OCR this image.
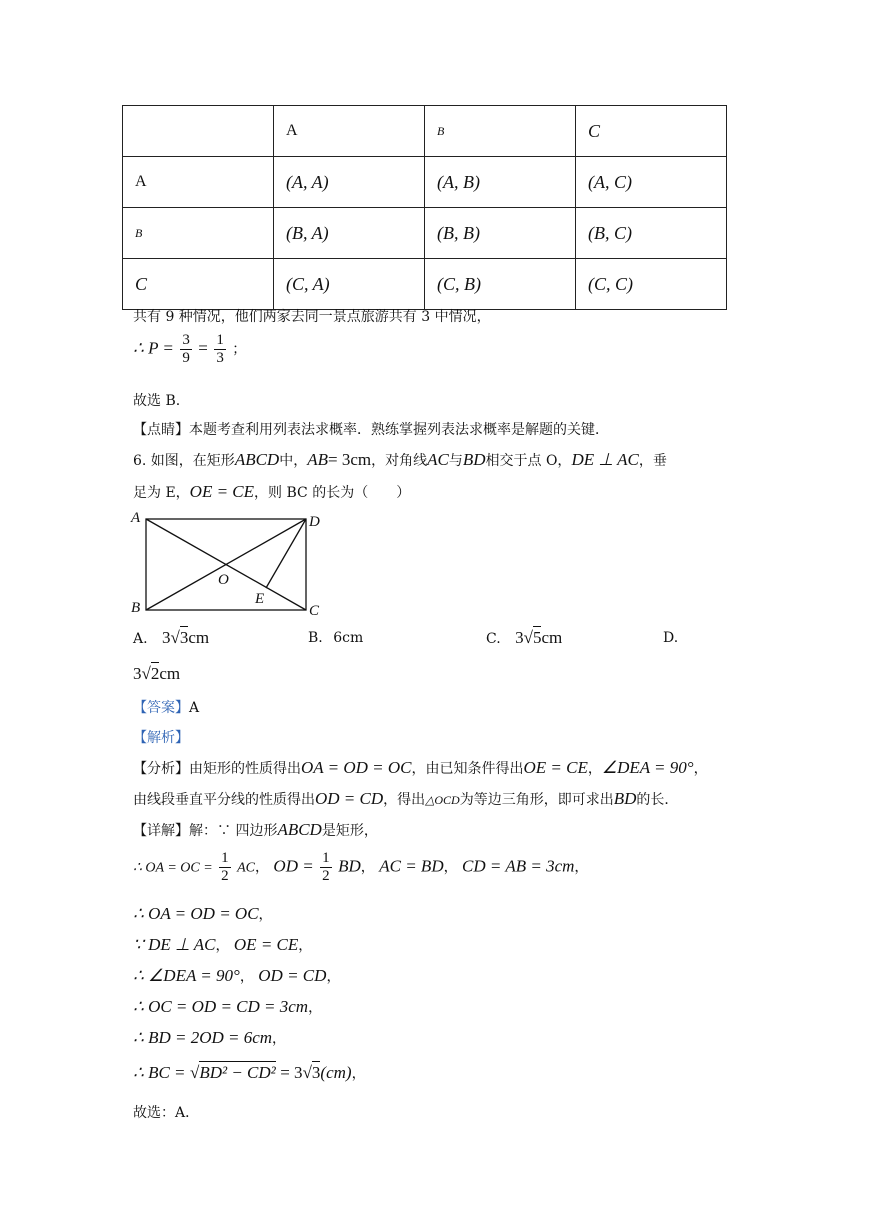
	A	B	C
A	(A, A)	(A, B)	(A, C)
B	(B, A)	(B, B)	(B, C)
C	(C, A)	(C, B)	(C, C)
共有 9 种情况，他们两家去同一景点旅游共有 3 中情况，
∴ $P = \frac{3}{9} = \frac{1}{3}$ ；
故选 B.
【点睛】本题考查利用列表法求概率．熟练掌握列表法求概率是解题的关键．
6. 如图，在矩形ABCD中，AB= 3cm，对角线AC与BD相交于点 O，DE ⊥ AC，垂
足为 E，OE = CE，则 BC 的长为（　　）
A	D
B	C
O
E
A. 3√3cm	B. 6cm	C. 3√5cm	D.
3√2cm
【答案】A
【解析】
【分析】由矩形的性质得出OA = OD = OC，由已知条件得出OE = CE，∠DEA = 90°，
由线段垂直平分线的性质得出OD = CD，得出△OCD为等边三角形，即可求出BD的长．
【详解】解：∵ 四边形ABCD是矩形，
∴ OA = OC = $\frac{1}{2}$ AC， OD = $\frac{1}{2}$ BD， AC = BD， CD = AB = 3cm，
∴ OA = OD = OC，
∵ DE ⊥ AC， OE = CE，
∴ ∠DEA = 90°， OD = CD，
∴ OC = OD = CD = 3cm，
∴ BD = 2OD = 6cm，
∴ BC = √BD² − CD² = 3√3(cm)，
故选：A．
